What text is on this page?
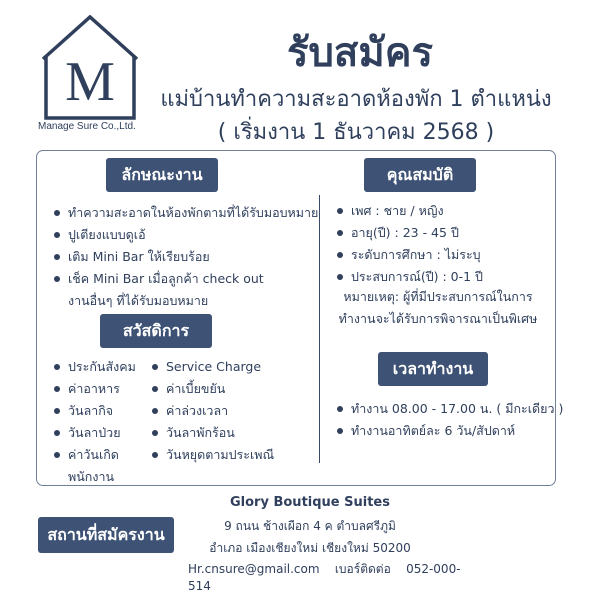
M
Manage Sure Co.,Ltd.
รับสมัคร
แม่บ้านทำความสะอาดห้องพัก 1 ตำแหน่ง
( เริ่มงาน 1 ธันวาคม 2568 )
ลักษณะงาน
ทำความสะอาดในห้องพักตามที่ได้รับมอบหมาย
ปูเตียงแบบดูเอ้
เติม Mini Bar ให้เรียบร้อย
เช็ค Mini Bar เมื่อลูกค้า check out
งานอื่นๆ ที่ได้รับมอบหมาย
สวัสดิการ
ประกันสังคม
ค่าอาหาร
วันลากิจ
วันลาป่วย
ค่าวันเกิด
พนักงาน
Service Charge
ค่าเบี้ยขยัน
ค่าล่วงเวลา
วันลาพักร้อน
วันหยุดตามประเพณี
คุณสมบัติ
เพศ : ชาย / หญิง
อายุ(ปี) : 23 - 45 ปี
ระดับการศึกษา : ไม่ระบุ
ประสบการณ์(ปี) : 0-1 ปี
หมายเหตุ: ผู้ที่มีประสบการณ์ในการ
ทำงานจะได้รับการพิจารณาเป็นพิเศษ
เวลาทำงาน
ทำงาน 08.00 - 17.00 น. ( มีกะเดียว )
ทำงานอาทิตย์ละ 6 วัน/สัปดาห์
สถานที่สมัครงาน
Glory Boutique Suites
9 ถนน ช้างเผือก 4 ค ตำบลศรีภูมิ
อำเภอ เมืองเชียงใหม่ เชียงใหม่ 50200
Hr.cnsure@gmail.com เบอร์ติดต่อ 052-000-514
